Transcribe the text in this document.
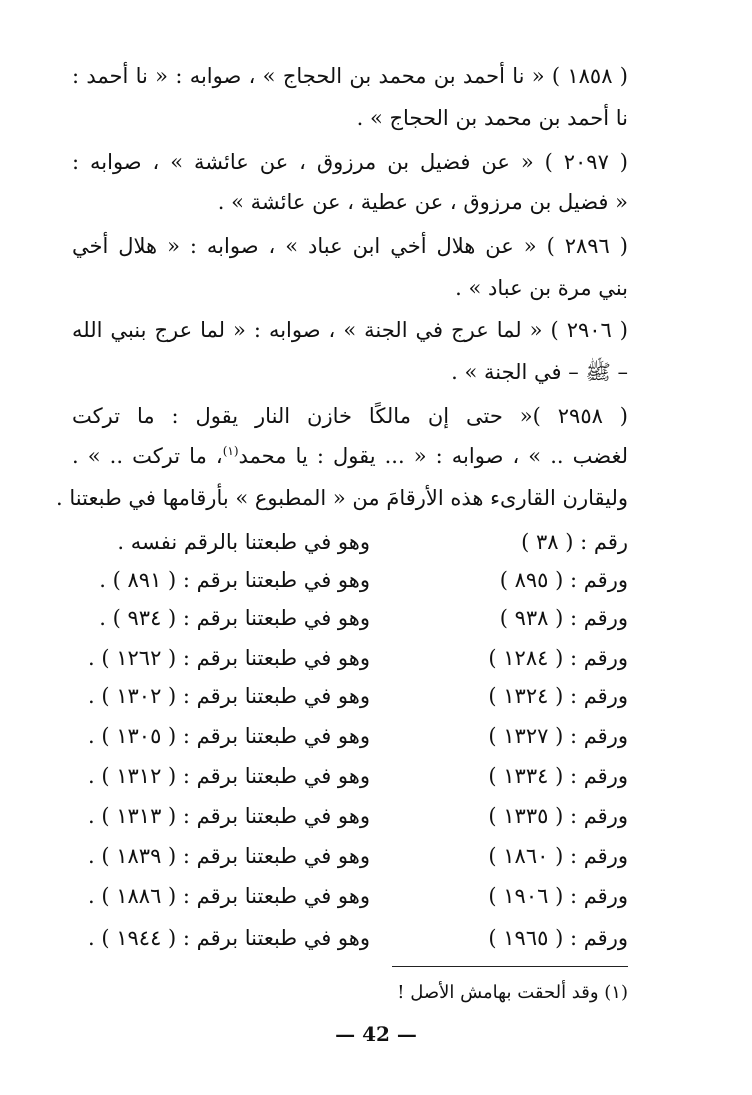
( ١٨٥٨ ) « نا أحمد بن محمد بن الحجاج » ، صوابه : « نا أحمد :
نا أحمد بن محمد بن الحجاج » .
( ٢٠٩٧ ) « عن فضيل بن مرزوق ، عن عائشة » ، صوابه :
« فضيل بن مرزوق ، عن عطية ، عن عائشة » .
( ٢٨٩٦ ) « عن هلال أخي ابن عباد » ، صوابه : « هلال أخي
بني مرة بن عباد » .
( ٢٩٠٦ ) « لما عرج في الجنة » ، صوابه : « لما عرج بنبي الله
– ﷺ – في الجنة » .
( ٢٩٥٨ )« حتى إن مالكًا خازن النار يقول : ما تركت
لغضب .. » ، صوابه : « ... يقول : يا محمد$^{(١)}$، ما تركت .. » .
وليقارن القارىء هذه الأرقامَ من « المطبوع » بأرقامها في طبعتنا .
رقم : ( ٣٨ )
وهو في طبعتنا بالرقم نفسه .
ورقم : ( ٨٩٥ )
وهو في طبعتنا برقم : ( ٨٩١ ) .
ورقم : ( ٩٣٨ )
وهو في طبعتنا برقم : ( ٩٣٤ ) .
ورقم : ( ١٢٨٤ )
وهو في طبعتنا برقم : ( ١٢٦٢ ) .
ورقم : ( ١٣٢٤ )
وهو في طبعتنا برقم : ( ١٣٠٢ ) .
ورقم : ( ١٣٢٧ )
وهو في طبعتنا برقم : ( ١٣٠٥ ) .
ورقم : ( ١٣٣٤ )
وهو في طبعتنا برقم : ( ١٣١٢ ) .
ورقم : ( ١٣٣٥ )
وهو في طبعتنا برقم : ( ١٣١٣ ) .
ورقم : ( ١٨٦٠ )
وهو في طبعتنا برقم : ( ١٨٣٩ ) .
ورقم : ( ١٩٠٦ )
وهو في طبعتنا برقم : ( ١٨٨٦ ) .
ورقم : ( ١٩٦٥ )
وهو في طبعتنا برقم : ( ١٩٤٤ ) .
(١) وقد ألحقت بهامش الأصل !
— 42 —
